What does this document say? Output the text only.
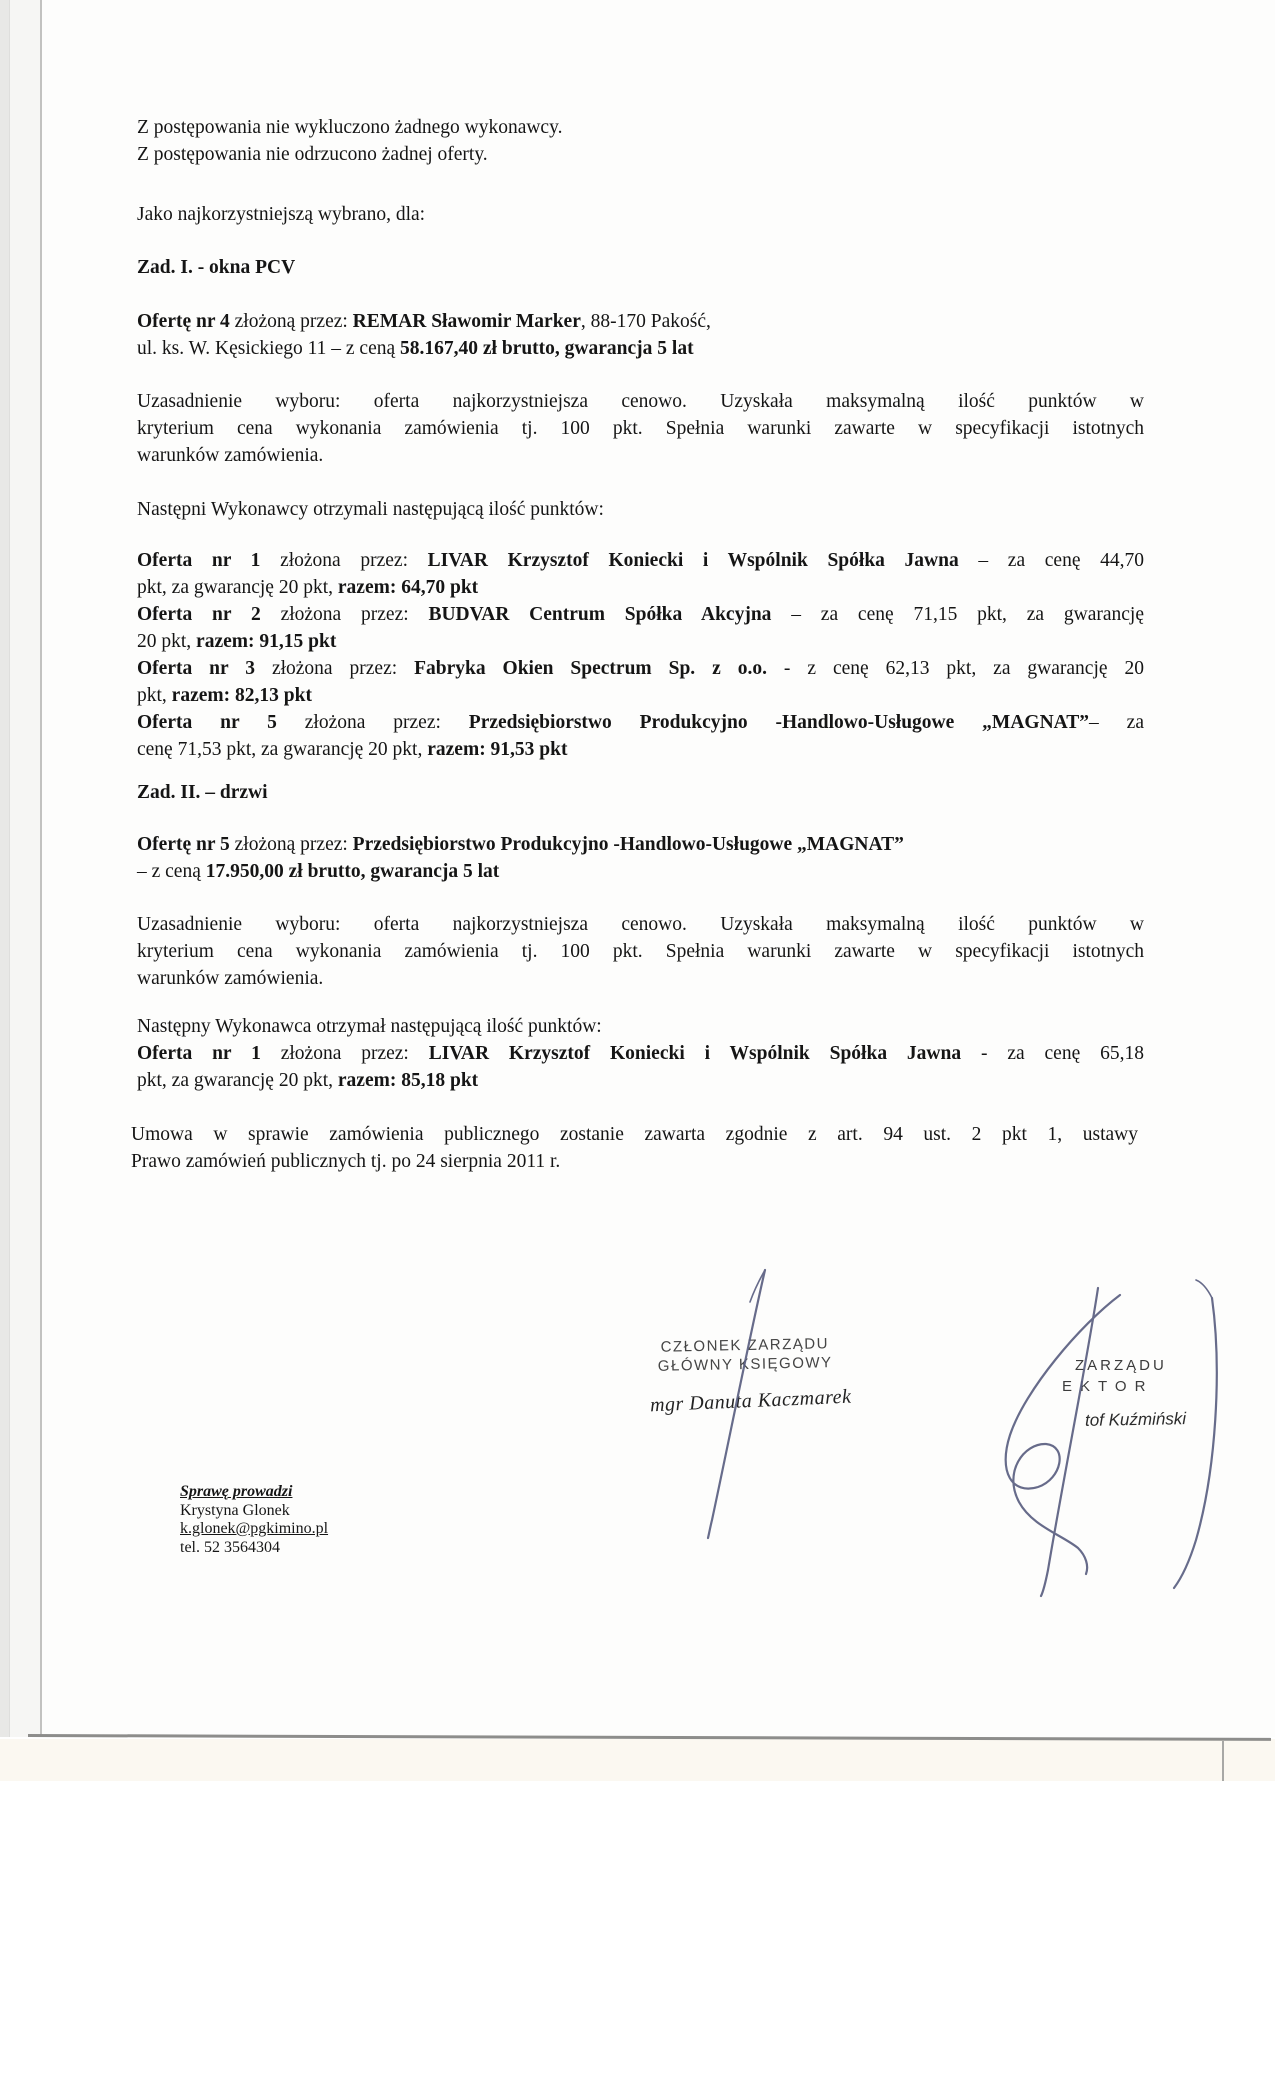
Z postępowania nie wykluczono żadnego wykonawcy.
Z postępowania nie odrzucono żadnej oferty.
Jako najkorzystniejszą wybrano, dla:
Zad. I. - okna PCV
Ofertę nr 4 złożoną przez: REMAR Sławomir Marker, 88-170 Pakość,
ul. ks. W. Kęsickiego 11 – z ceną 58.167,40 zł brutto, gwarancja 5 lat
Uzasadnienie wyboru: oferta najkorzystniejsza cenowo. Uzyskała maksymalną ilość punktów w
kryterium cena wykonania zamówienia tj. 100 pkt. Spełnia warunki zawarte w specyfikacji istotnych
warunków zamówienia.
Następni Wykonawcy otrzymali następującą ilość punktów:
Oferta nr 1 złożona przez: LIVAR Krzysztof Koniecki i Wspólnik Spółka Jawna – za cenę 44,70
pkt, za gwarancję 20 pkt, razem: 64,70 pkt
Oferta nr 2 złożona przez: BUDVAR Centrum Spółka Akcyjna – za cenę 71,15 pkt, za gwarancję
20 pkt, razem: 91,15 pkt
Oferta nr 3 złożona przez: Fabryka Okien Spectrum Sp. z o.o. - z cenę 62,13 pkt, za gwarancję 20
pkt, razem: 82,13 pkt
Oferta nr 5 złożona przez: Przedsiębiorstwo Produkcyjno -Handlowo-Usługowe „MAGNAT”– za
cenę 71,53 pkt, za gwarancję 20 pkt, razem: 91,53 pkt
Zad. II. – drzwi
Ofertę nr 5 złożoną przez: Przedsiębiorstwo Produkcyjno -Handlowo-Usługowe „MAGNAT”
– z ceną 17.950,00 zł brutto, gwarancja 5 lat
Uzasadnienie wyboru: oferta najkorzystniejsza cenowo. Uzyskała maksymalną ilość punktów w
kryterium cena wykonania zamówienia tj. 100 pkt. Spełnia warunki zawarte w specyfikacji istotnych
warunków zamówienia.
Następny Wykonawca otrzymał następującą ilość punktów:
Oferta nr 1 złożona przez: LIVAR Krzysztof Koniecki i Wspólnik Spółka Jawna - za cenę 65,18
pkt, za gwarancję 20 pkt, razem: 85,18 pkt
Umowa w sprawie zamówienia publicznego zostanie zawarta zgodnie z art. 94 ust. 2 pkt 1, ustawy
Prawo zamówień publicznych tj. po 24 sierpnia 2011 r.
CZŁONEK ZARZĄDU
GŁÓWNY KSIĘGOWY
mgr Danuta Kaczmarek
ZARZĄDU
EKTOR
tof Kuźmiński
Sprawę prowadzi
Krystyna Glonek
k.glonek@pgkimino.pl
tel. 52 3564304
